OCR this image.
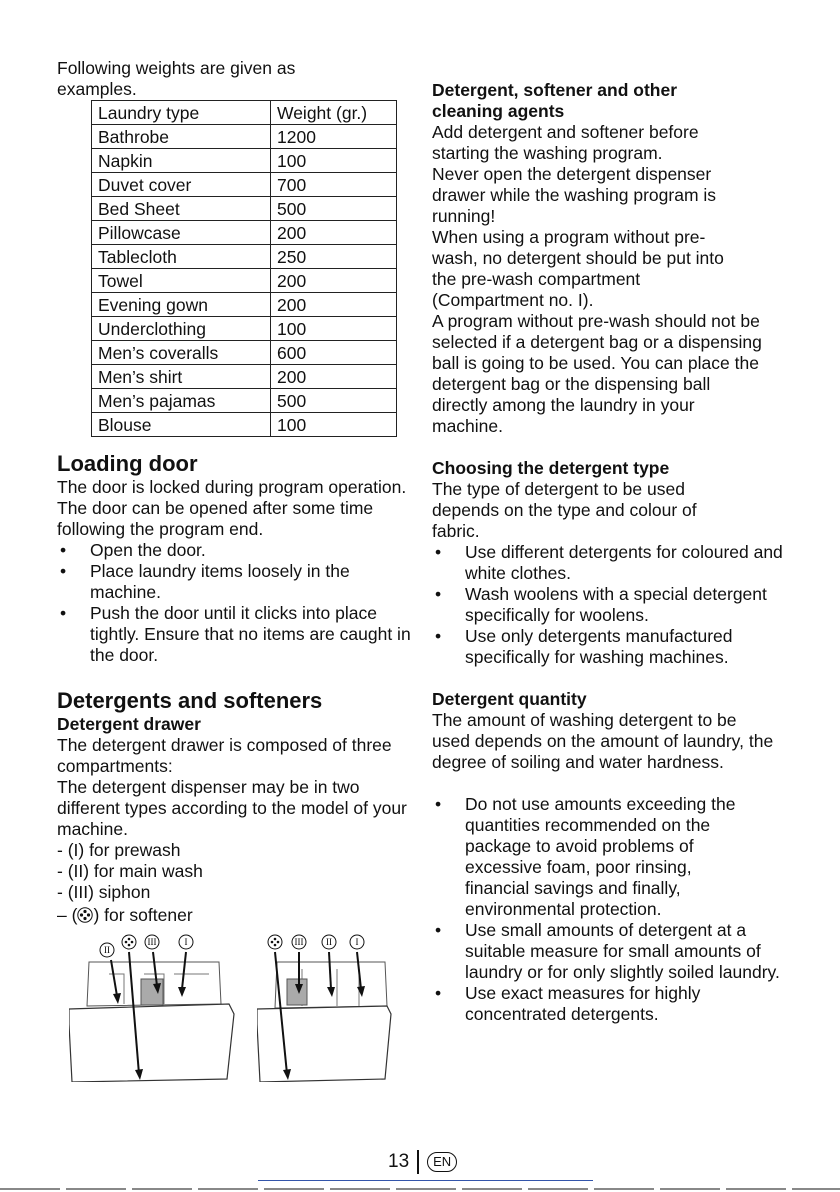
Following weights are given as examples.

Laundry type	Weight (gr.)
Bathrobe	1200
Napkin	100
Duvet cover	700
Bed Sheet	500
Pillowcase	200
Tablecloth	250
Towel	200
Evening gown	200
Underclothing	100
Men’s coveralls	600
Men’s shirt	200
Men’s pajamas	500
Blouse	100
Loading door

The door is locked during program operation. The door can be opened after some time following the program end.

• Open the door.
• Place laundry items loosely in the machine.
• Push the door until it clicks into place tightly. Ensure that no items are caught in the door.
Detergents and softeners
Detergent drawer

The detergent drawer is composed of three compartments:

The detergent dispenser may be in two different types according to the model of your machine.

- (I) for prewash

- (II) for main wash

- (III) siphon

– ( ) for softener

II
III	I	III	II	I
Detergent, softener and other cleaning agents

Add detergent and softener before starting the washing program.

Never open the detergent dispenser drawer while the washing program is running!

When using a program without pre-wash, no detergent should be put into the pre-wash compartment (Compartment no. I).

A program without pre-wash should not be selected if a detergent bag or a dispensing ball is going to be used. You can place the detergent bag or the dispensing ball directly among the laundry in your machine.

Choosing the detergent type

The type of detergent to be used depends on the type and colour of fabric.

• Use different detergents for coloured and white clothes.
• Wash woolens with a special detergent specifically for woolens.
• Use only detergents manufactured specifically for washing machines.
Detergent quantity

The amount of washing detergent to be used depends on the amount of laundry, the degree of soiling and water hardness.

• Do not use amounts exceeding the quantities recommended on the package to avoid problems of excessive foam, poor rinsing, financial savings and finally, environmental protection.
• Use small amounts of detergent at a suitable measure for small amounts of laundry or for only slightly soiled laundry.
• Use exact measures for highly concentrated detergents.
13	EN
